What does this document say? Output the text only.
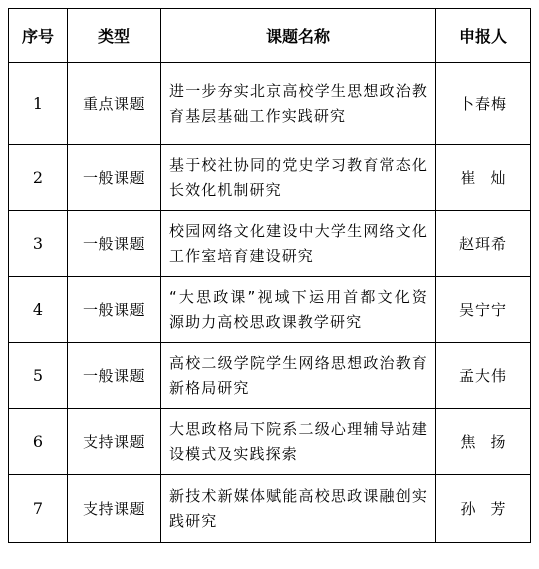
序号	类型	课题名称	申报人
1	重点课题	进一步夯实北京高校学生思想政治教育基层基础工作实践研究	卜春梅
2	一般课题	基于校社协同的党史学习教育常态化长效化机制研究	崔灿
3	一般课题	校园网络文化建设中大学生网络文化工作室培育建设研究	赵珥希
4	一般课题	“大思政课”视域下运用首都文化资源助力高校思政课教学研究	吴宁宁
5	一般课题	高校二级学院学生网络思想政治教育新格局研究	孟大伟
6	支持课题	大思政格局下院系二级心理辅导站建设模式及实践探索	焦扬
7	支持课题	新技术新媒体赋能高校思政课融创实践研究	孙芳
